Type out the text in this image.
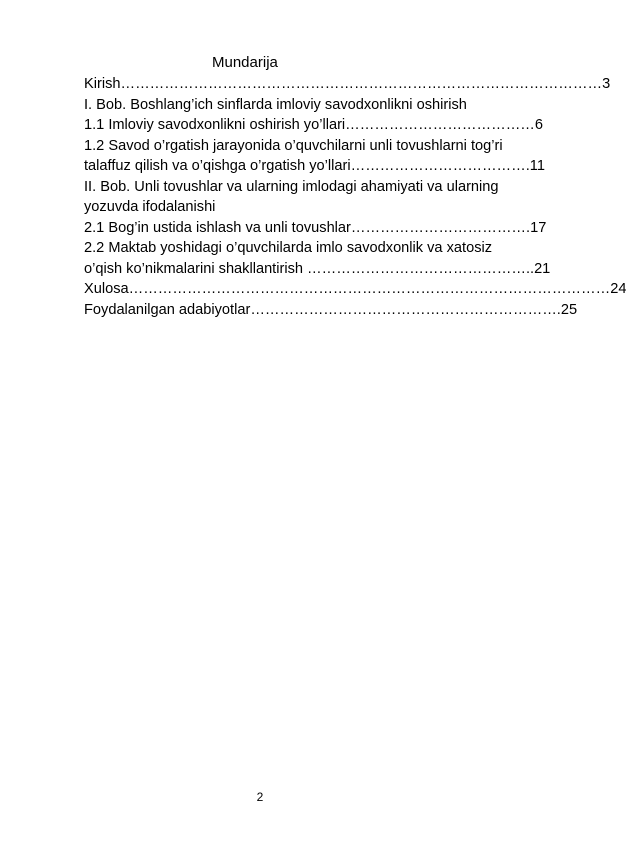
Mundarija
Kirish………………………………………………………………………………………3
I. Bob. Boshlang’ich sinflarda imloviy savodxonlikni oshirish
1.1 Imloviy savodxonlikni oshirish yo’llari…………………………………6
1.2 Savod o’rgatish jarayonida o’quvchilarni unli tovushlarni tog’ri
talaffuz qilish va o’qishga o’rgatish yo’llari……………………………….11
II. Bob. Unli tovushlar va ularning imlodagi ahamiyati va ularning
yozuvda ifodalanishi
2.1 Bog’in ustida ishlash va unli tovushlar……………………………….17
2.2 Maktab yoshidagi o’quvchilarda imlo savodxonlik va xatosiz
o’qish ko’nikmalarini shakllantirish ………………………………………..21
Xulosa………………………………………………………………………………………24
Foydalanilgan adabiyotlar……………………………………………………….25
2
